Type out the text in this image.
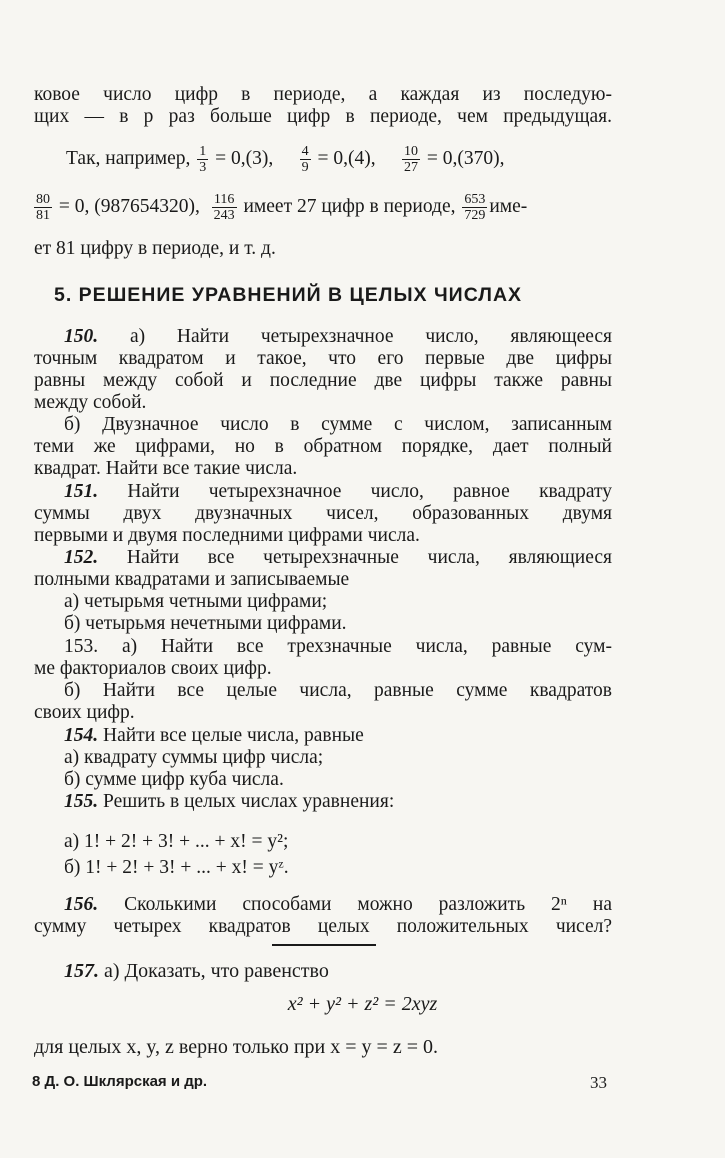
ковое число цифр в периоде, а каждая из последую-
щих — в p раз больше цифр в периоде, чем предыдущая.
Так, например, $\frac{1}{3} = 0,(3)$, $\frac{4}{9} = 0,(4)$, $\frac{10}{27} = 0,(370)$,
$\frac{80}{81} = 0$, (987654320), $\frac{116}{243}$ имеет 27 цифр в периоде, $\frac{653}{729} име-$
ет 81 цифру в периоде, и т. д.
5. РЕШЕНИЕ УРАВНЕНИЙ В ЦЕЛЫХ ЧИСЛАХ
150. а) Найти четырехзначное число, являющееся
точным квадратом и такое, что его первые две цифры
равны между собой и последние две цифры также равны
между собой.
б) Двузначное число в сумме с числом, записанным
теми же цифрами, но в обратном порядке, дает полный
квадрат. Найти все такие числа.
151. Найти четырехзначное число, равное квадрату
суммы двух двузначных чисел, образованных двумя
первыми и двумя последними цифрами числа.
152. Найти все четырехзначные числа, являющиеся
полными квадратами и записываемые
а) четырьмя четными цифрами;
б) четырьмя нечетными цифрами.
153. а) Найти все трехзначные числа, равные сум-
ме факториалов своих цифр.
б) Найти все целые числа, равные сумме квадратов
своих цифр.
154. Найти все целые числа, равные
а) квадрату суммы цифр числа;
б) сумме цифр куба числа.
155. Решить в целых числах уравнения:
а) 1! + 2! + 3! + ... + x! = y²;
б) 1! + 2! + 3! + ... + x! = yᶻ.
156. Сколькими способами можно разложить 2ⁿ на
сумму четырех квадратов целых положительных чисел?
157. а) Доказать, что равенство
x² + y² + z² = 2xyz
для целых x, y, z верно только при x = y = z = 0.
8 Д. О. Шклярская и др.	33
